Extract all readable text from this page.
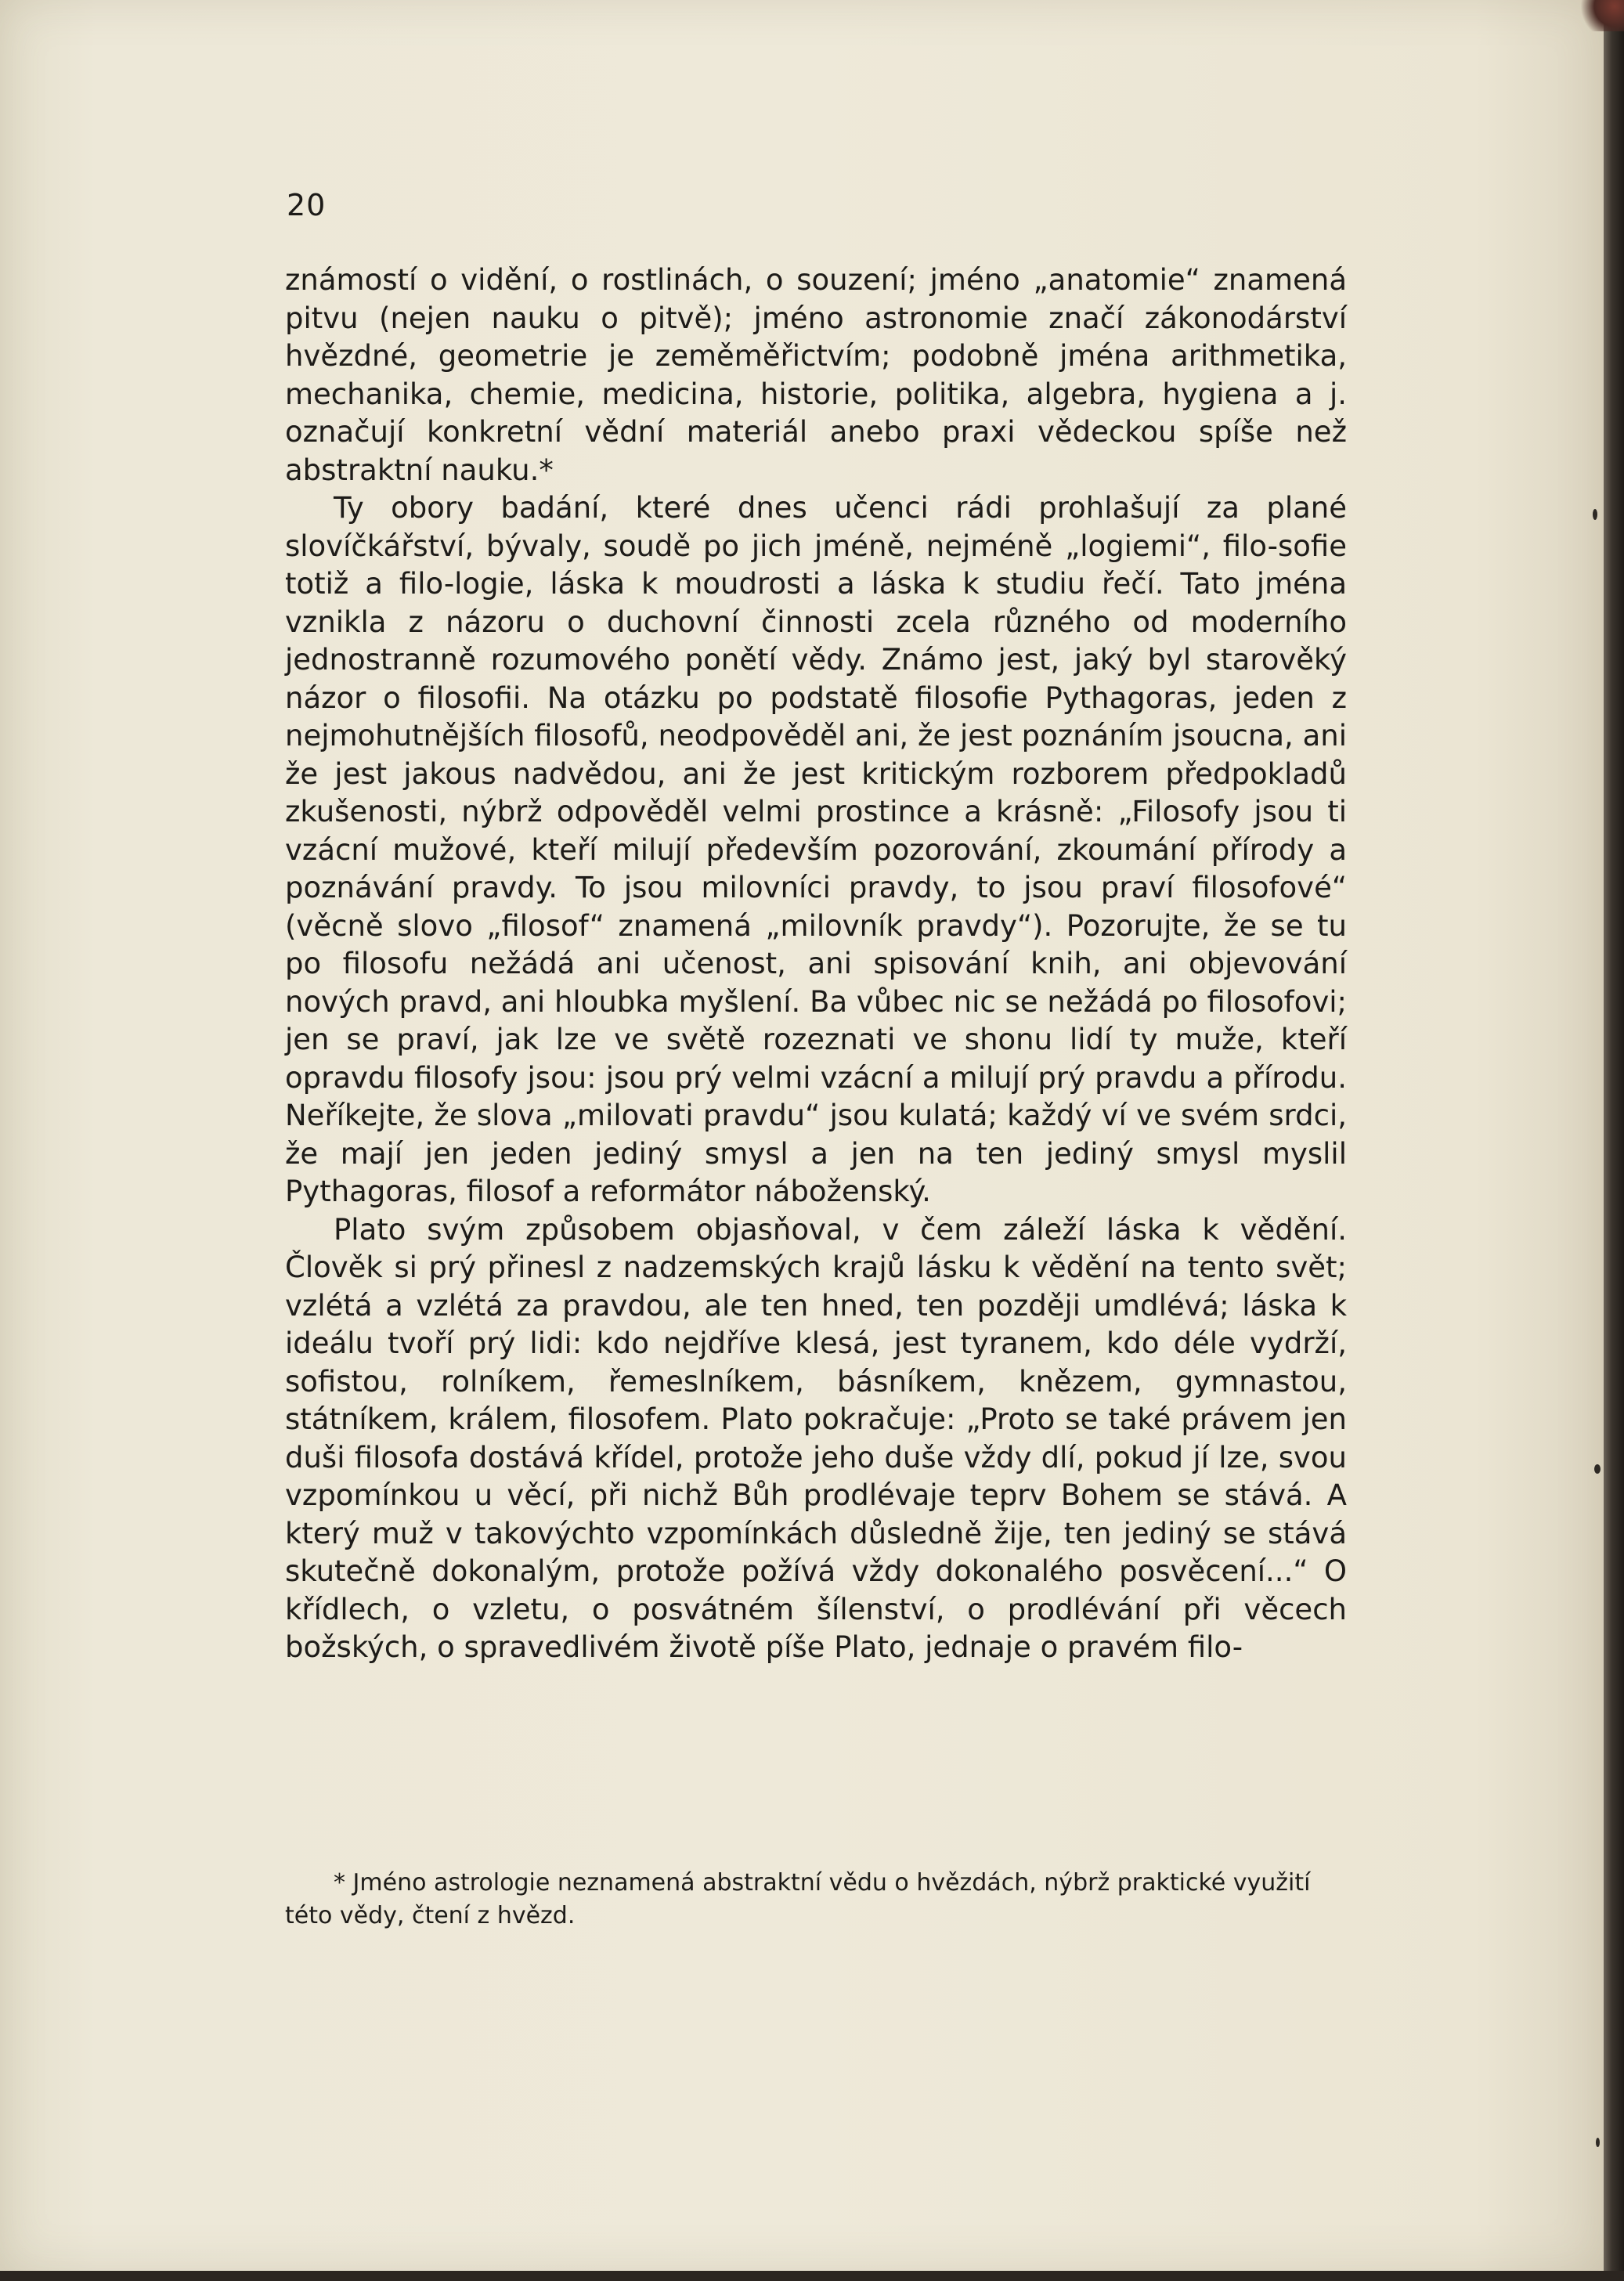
20

známostí o vidění, o rostlinách, o souzení; jméno „anatomie“ znamená pitvu (nejen nauku o pitvě); jméno astronomie značí zákonodárství hvězdné, geometrie je zeměměřictvím; podobně jména arithmetika, mechanika, chemie, medicina, historie, politika, algebra, hygiena a j. označují konkretní vědní materiál anebo praxi vědeckou spíše než abstraktní nauku.*

Ty obory badání, které dnes učenci rádi prohlašují za plané slovíčkářství, bývaly, soudě po jich jméně, nejméně „logiemi“, filo-sofie totiž a filo-logie, láska k moudrosti a láska k studiu řečí. Tato jména vznikla z názoru o duchovní činnosti zcela různého od moderního jednostranně rozumového ponětí vědy. Známo jest, jaký byl starověký názor o filosofii. Na otázku po podstatě filosofie Pythagoras, jeden z nejmohutnějších filosofů, neodpověděl ani, že jest poznáním jsoucna, ani že jest jakous nadvědou, ani že jest kritickým rozborem předpokladů zkušenosti, nýbrž odpověděl velmi prostince a krásně: „Filosofy jsou ti vzácní mužové, kteří milují především pozorování, zkoumání přírody a poznávání pravdy. To jsou milovníci pravdy, to jsou praví filosofové“ (věcně slovo „filosof“ znamená „milovník pravdy“). Pozorujte, že se tu po filosofu nežádá ani učenost, ani spisování knih, ani objevování nových pravd, ani hloubka myšlení. Ba vůbec nic se nežádá po filosofovi; jen se praví, jak lze ve světě rozeznati ve shonu lidí ty muže, kteří opravdu filosofy jsou: jsou prý velmi vzácní a milují prý pravdu a přírodu. Neříkejte, že slova „milovati pravdu“ jsou kulatá; každý ví ve svém srdci, že mají jen jeden jediný smysl a jen na ten jediný smysl myslil Pythagoras, filosof a reformátor náboženský.

Plato svým způsobem objasňoval, v čem záleží láska k vědění. Člověk si prý přinesl z nadzemských krajů lásku k vědění na tento svět; vzlétá a vzlétá za pravdou, ale ten hned, ten později umdlévá; láska k ideálu tvoří prý lidi: kdo nejdříve klesá, jest tyranem, kdo déle vydrží, sofistou, rolníkem, řemeslníkem, básníkem, knězem, gymnastou, státníkem, králem, filosofem. Plato pokračuje: „Proto se také právem jen duši filosofa dostává křídel, protože jeho duše vždy dlí, pokud jí lze, svou vzpomínkou u věcí, při nichž Bůh prodlévaje teprv Bohem se stává. A který muž v takovýchto vzpomínkách důsledně žije, ten jediný se stává skutečně dokonalým, protože požívá vždy dokonalého posvěcení...“ O křídlech, o vzletu, o posvátném šílenství, o prodlévání při věcech božských, o spravedlivém životě píše Plato, jednaje o pravém filo-

* Jméno astrologie neznamená abstraktní vědu o hvězdách, nýbrž praktické využití této vědy, čtení z hvězd.
